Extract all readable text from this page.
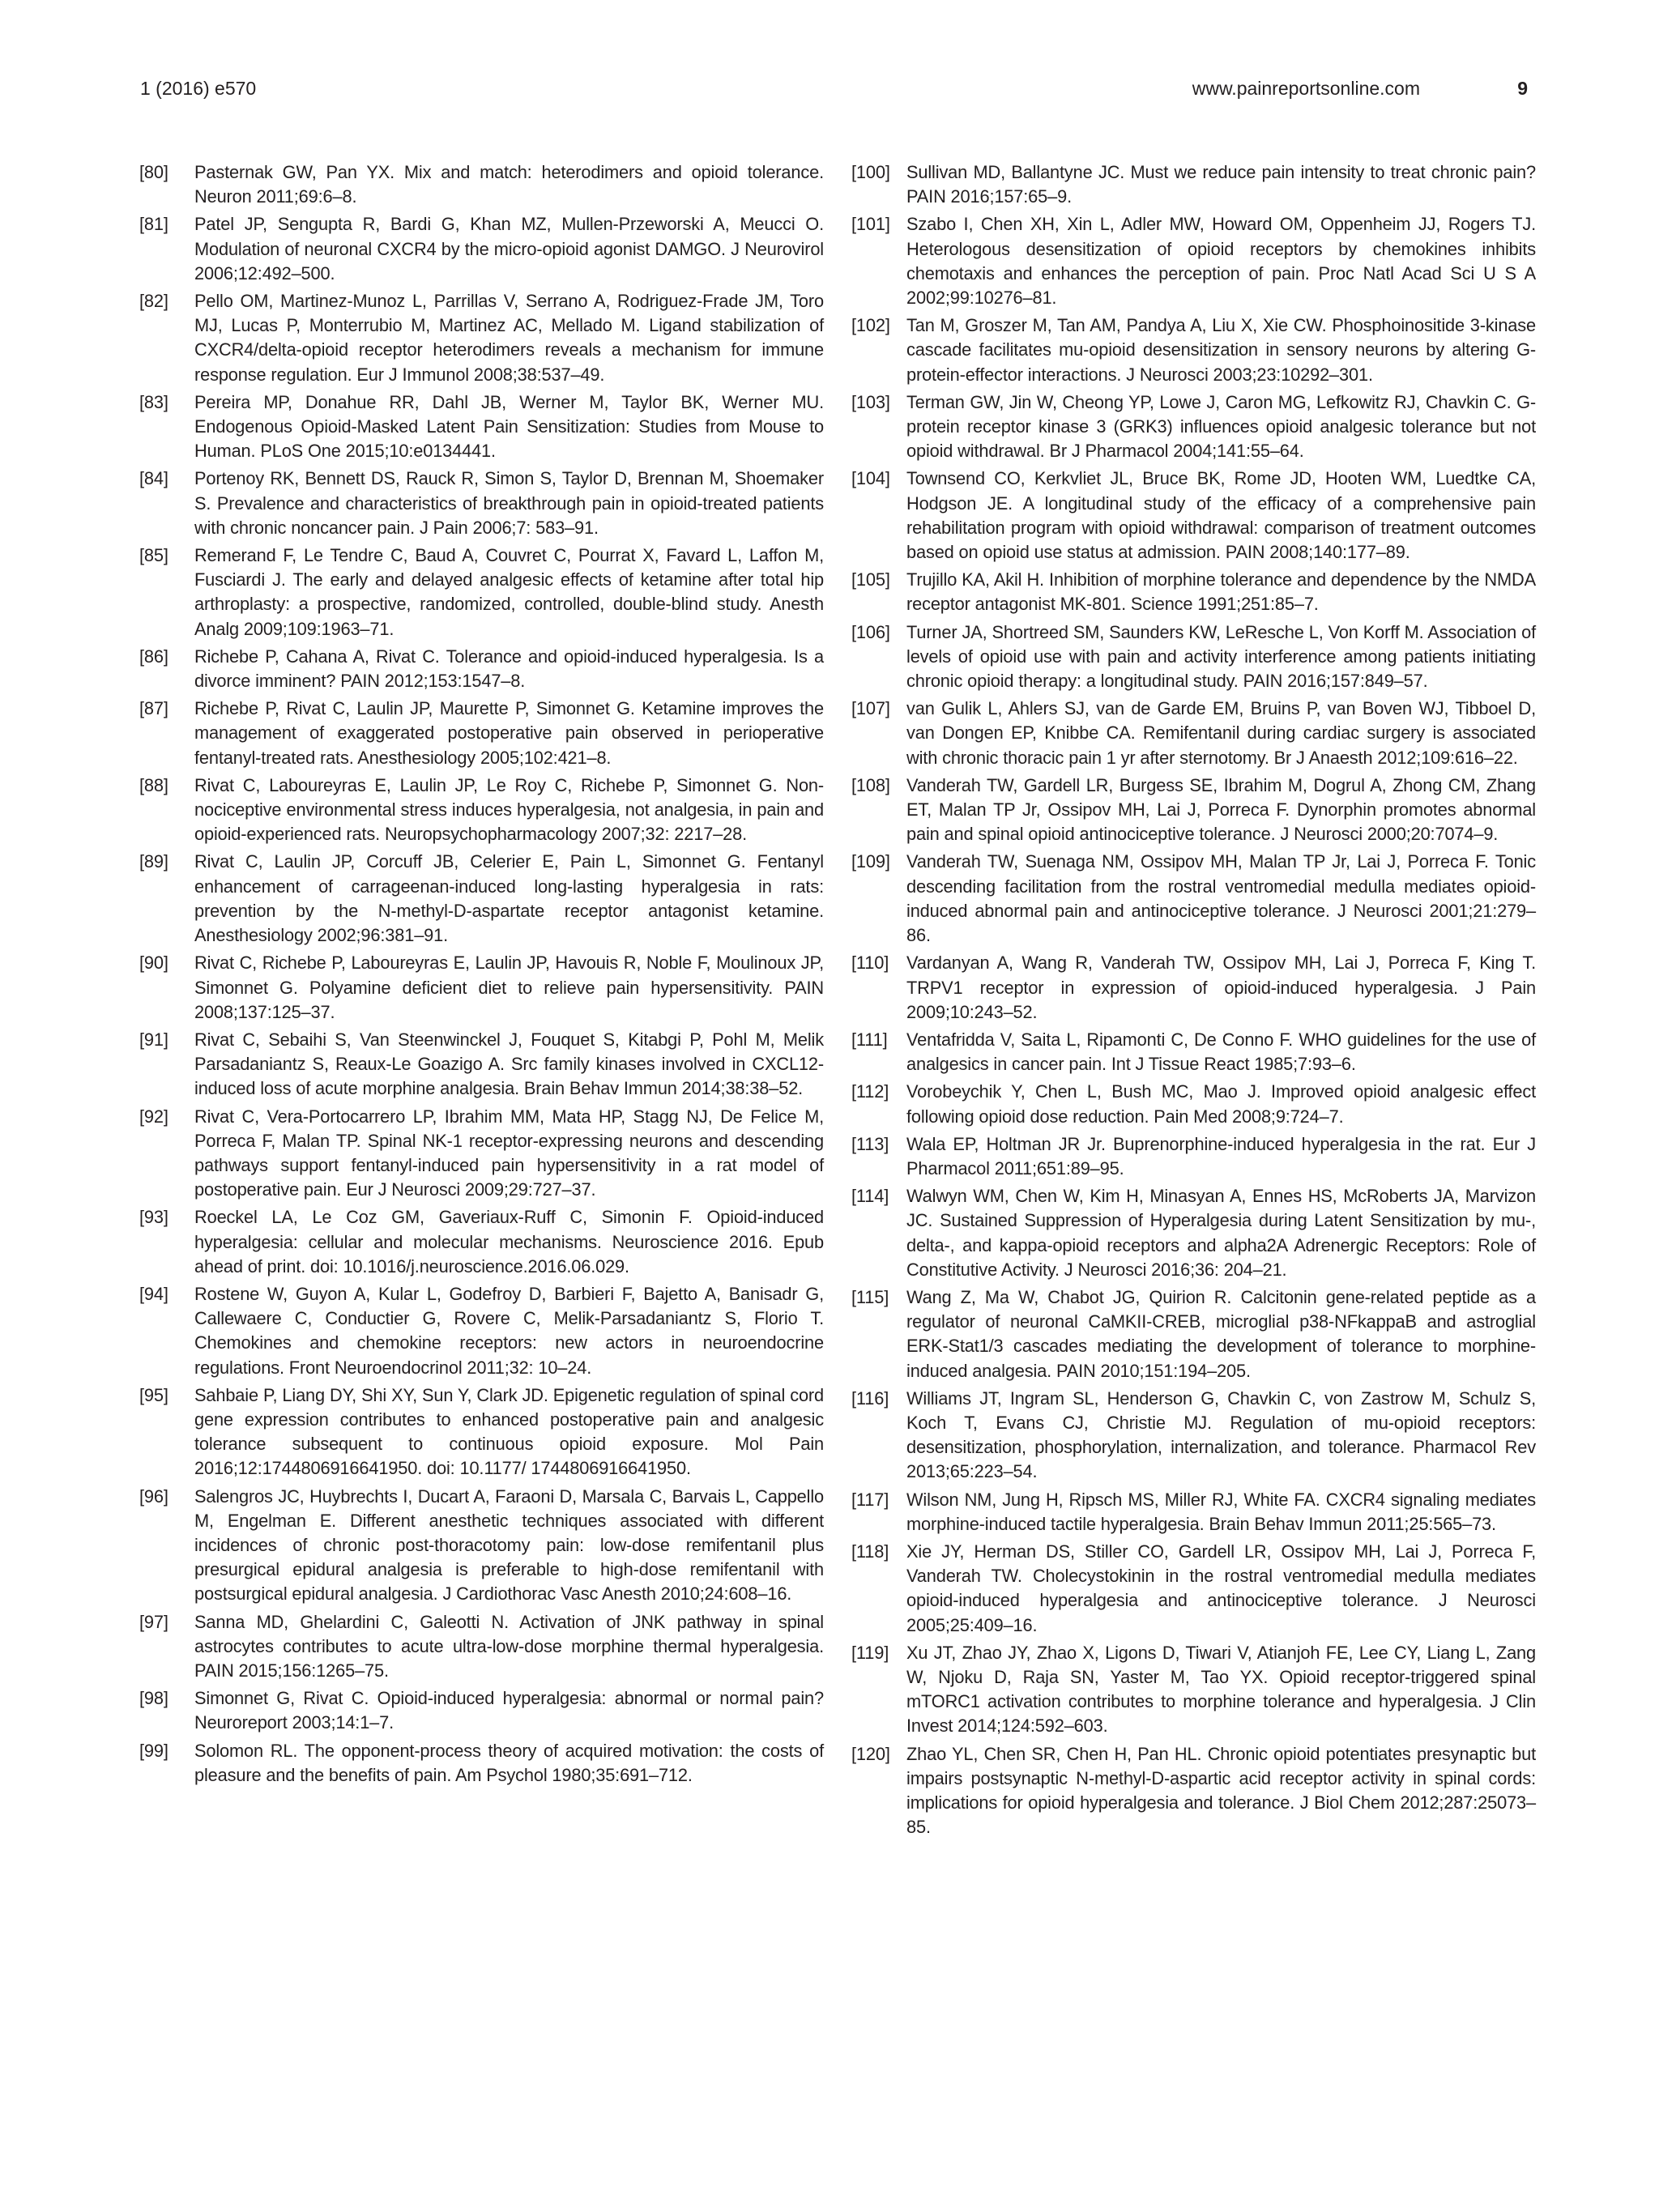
1 (2016) e570	www.painreportsonline.com	9
[80] Pasternak GW, Pan YX. Mix and match: heterodimers and opioid tolerance. Neuron 2011;69:6–8.
[81] Patel JP, Sengupta R, Bardi G, Khan MZ, Mullen-Przeworski A, Meucci O. Modulation of neuronal CXCR4 by the micro-opioid agonist DAMGO. J Neurovirol 2006;12:492–500.
[82] Pello OM, Martinez-Munoz L, Parrillas V, Serrano A, Rodriguez-Frade JM, Toro MJ, Lucas P, Monterrubio M, Martinez AC, Mellado M. Ligand stabilization of CXCR4/delta-opioid receptor heterodimers reveals a mechanism for immune response regulation. Eur J Immunol 2008;38:537–49.
[83] Pereira MP, Donahue RR, Dahl JB, Werner M, Taylor BK, Werner MU. Endogenous Opioid-Masked Latent Pain Sensitization: Studies from Mouse to Human. PLoS One 2015;10:e0134441.
[84] Portenoy RK, Bennett DS, Rauck R, Simon S, Taylor D, Brennan M, Shoemaker S. Prevalence and characteristics of breakthrough pain in opioid-treated patients with chronic noncancer pain. J Pain 2006;7: 583–91.
[85] Remerand F, Le Tendre C, Baud A, Couvret C, Pourrat X, Favard L, Laffon M, Fusciardi J. The early and delayed analgesic effects of ketamine after total hip arthroplasty: a prospective, randomized, controlled, double-blind study. Anesth Analg 2009;109:1963–71.
[86] Richebe P, Cahana A, Rivat C. Tolerance and opioid-induced hyperalgesia. Is a divorce imminent? PAIN 2012;153:1547–8.
[87] Richebe P, Rivat C, Laulin JP, Maurette P, Simonnet G. Ketamine improves the management of exaggerated postoperative pain observed in perioperative fentanyl-treated rats. Anesthesiology 2005;102:421–8.
[88] Rivat C, Laboureyras E, Laulin JP, Le Roy C, Richebe P, Simonnet G. Non-nociceptive environmental stress induces hyperalgesia, not analgesia, in pain and opioid-experienced rats. Neuropsychopharmacology 2007;32: 2217–28.
[89] Rivat C, Laulin JP, Corcuff JB, Celerier E, Pain L, Simonnet G. Fentanyl enhancement of carrageenan-induced long-lasting hyperalgesia in rats: prevention by the N-methyl-D-aspartate receptor antagonist ketamine. Anesthesiology 2002;96:381–91.
[90] Rivat C, Richebe P, Laboureyras E, Laulin JP, Havouis R, Noble F, Moulinoux JP, Simonnet G. Polyamine deficient diet to relieve pain hypersensitivity. PAIN 2008;137:125–37.
[91] Rivat C, Sebaihi S, Van Steenwinckel J, Fouquet S, Kitabgi P, Pohl M, Melik Parsadaniantz S, Reaux-Le Goazigo A. Src family kinases involved in CXCL12-induced loss of acute morphine analgesia. Brain Behav Immun 2014;38:38–52.
[92] Rivat C, Vera-Portocarrero LP, Ibrahim MM, Mata HP, Stagg NJ, De Felice M, Porreca F, Malan TP. Spinal NK-1 receptor-expressing neurons and descending pathways support fentanyl-induced pain hypersensitivity in a rat model of postoperative pain. Eur J Neurosci 2009;29:727–37.
[93] Roeckel LA, Le Coz GM, Gaveriaux-Ruff C, Simonin F. Opioid-induced hyperalgesia: cellular and molecular mechanisms. Neuroscience 2016. Epub ahead of print. doi: 10.1016/j.neuroscience.2016.06.029.
[94] Rostene W, Guyon A, Kular L, Godefroy D, Barbieri F, Bajetto A, Banisadr G, Callewaere C, Conductier G, Rovere C, Melik-Parsadaniantz S, Florio T. Chemokines and chemokine receptors: new actors in neuroendocrine regulations. Front Neuroendocrinol 2011;32: 10–24.
[95] Sahbaie P, Liang DY, Shi XY, Sun Y, Clark JD. Epigenetic regulation of spinal cord gene expression contributes to enhanced postoperative pain and analgesic tolerance subsequent to continuous opioid exposure. Mol Pain 2016;12:1744806916641950. doi: 10.1177/ 1744806916641950.
[96] Salengros JC, Huybrechts I, Ducart A, Faraoni D, Marsala C, Barvais L, Cappello M, Engelman E. Different anesthetic techniques associated with different incidences of chronic post-thoracotomy pain: low-dose remifentanil plus presurgical epidural analgesia is preferable to high-dose remifentanil with postsurgical epidural analgesia. J Cardiothorac Vasc Anesth 2010;24:608–16.
[97] Sanna MD, Ghelardini C, Galeotti N. Activation of JNK pathway in spinal astrocytes contributes to acute ultra-low-dose morphine thermal hyperalgesia. PAIN 2015;156:1265–75.
[98] Simonnet G, Rivat C. Opioid-induced hyperalgesia: abnormal or normal pain? Neuroreport 2003;14:1–7.
[99] Solomon RL. The opponent-process theory of acquired motivation: the costs of pleasure and the benefits of pain. Am Psychol 1980;35:691–712.
[100] Sullivan MD, Ballantyne JC. Must we reduce pain intensity to treat chronic pain? PAIN 2016;157:65–9.
[101] Szabo I, Chen XH, Xin L, Adler MW, Howard OM, Oppenheim JJ, Rogers TJ. Heterologous desensitization of opioid receptors by chemokines inhibits chemotaxis and enhances the perception of pain. Proc Natl Acad Sci U S A 2002;99:10276–81.
[102] Tan M, Groszer M, Tan AM, Pandya A, Liu X, Xie CW. Phosphoinositide 3-kinase cascade facilitates mu-opioid desensitization in sensory neurons by altering G-protein-effector interactions. J Neurosci 2003;23:10292–301.
[103] Terman GW, Jin W, Cheong YP, Lowe J, Caron MG, Lefkowitz RJ, Chavkin C. G-protein receptor kinase 3 (GRK3) influences opioid analgesic tolerance but not opioid withdrawal. Br J Pharmacol 2004;141:55–64.
[104] Townsend CO, Kerkvliet JL, Bruce BK, Rome JD, Hooten WM, Luedtke CA, Hodgson JE. A longitudinal study of the efficacy of a comprehensive pain rehabilitation program with opioid withdrawal: comparison of treatment outcomes based on opioid use status at admission. PAIN 2008;140:177–89.
[105] Trujillo KA, Akil H. Inhibition of morphine tolerance and dependence by the NMDA receptor antagonist MK-801. Science 1991;251:85–7.
[106] Turner JA, Shortreed SM, Saunders KW, LeResche L, Von Korff M. Association of levels of opioid use with pain and activity interference among patients initiating chronic opioid therapy: a longitudinal study. PAIN 2016;157:849–57.
[107] van Gulik L, Ahlers SJ, van de Garde EM, Bruins P, van Boven WJ, Tibboel D, van Dongen EP, Knibbe CA. Remifentanil during cardiac surgery is associated with chronic thoracic pain 1 yr after sternotomy. Br J Anaesth 2012;109:616–22.
[108] Vanderah TW, Gardell LR, Burgess SE, Ibrahim M, Dogrul A, Zhong CM, Zhang ET, Malan TP Jr, Ossipov MH, Lai J, Porreca F. Dynorphin promotes abnormal pain and spinal opioid antinociceptive tolerance. J Neurosci 2000;20:7074–9.
[109] Vanderah TW, Suenaga NM, Ossipov MH, Malan TP Jr, Lai J, Porreca F. Tonic descending facilitation from the rostral ventromedial medulla mediates opioid-induced abnormal pain and antinociceptive tolerance. J Neurosci 2001;21:279–86.
[110] Vardanyan A, Wang R, Vanderah TW, Ossipov MH, Lai J, Porreca F, King T. TRPV1 receptor in expression of opioid-induced hyperalgesia. J Pain 2009;10:243–52.
[111] Ventafridda V, Saita L, Ripamonti C, De Conno F. WHO guidelines for the use of analgesics in cancer pain. Int J Tissue React 1985;7:93–6.
[112] Vorobeychik Y, Chen L, Bush MC, Mao J. Improved opioid analgesic effect following opioid dose reduction. Pain Med 2008;9:724–7.
[113] Wala EP, Holtman JR Jr. Buprenorphine-induced hyperalgesia in the rat. Eur J Pharmacol 2011;651:89–95.
[114] Walwyn WM, Chen W, Kim H, Minasyan A, Ennes HS, McRoberts JA, Marvizon JC. Sustained Suppression of Hyperalgesia during Latent Sensitization by mu-, delta-, and kappa-opioid receptors and alpha2A Adrenergic Receptors: Role of Constitutive Activity. J Neurosci 2016;36: 204–21.
[115] Wang Z, Ma W, Chabot JG, Quirion R. Calcitonin gene-related peptide as a regulator of neuronal CaMKII-CREB, microglial p38-NFkappaB and astroglial ERK-Stat1/3 cascades mediating the development of tolerance to morphine-induced analgesia. PAIN 2010;151:194–205.
[116] Williams JT, Ingram SL, Henderson G, Chavkin C, von Zastrow M, Schulz S, Koch T, Evans CJ, Christie MJ. Regulation of mu-opioid receptors: desensitization, phosphorylation, internalization, and tolerance. Pharmacol Rev 2013;65:223–54.
[117] Wilson NM, Jung H, Ripsch MS, Miller RJ, White FA. CXCR4 signaling mediates morphine-induced tactile hyperalgesia. Brain Behav Immun 2011;25:565–73.
[118] Xie JY, Herman DS, Stiller CO, Gardell LR, Ossipov MH, Lai J, Porreca F, Vanderah TW. Cholecystokinin in the rostral ventromedial medulla mediates opioid-induced hyperalgesia and antinociceptive tolerance. J Neurosci 2005;25:409–16.
[119] Xu JT, Zhao JY, Zhao X, Ligons D, Tiwari V, Atianjoh FE, Lee CY, Liang L, Zang W, Njoku D, Raja SN, Yaster M, Tao YX. Opioid receptor-triggered spinal mTORC1 activation contributes to morphine tolerance and hyperalgesia. J Clin Invest 2014;124:592–603.
[120] Zhao YL, Chen SR, Chen H, Pan HL. Chronic opioid potentiates presynaptic but impairs postsynaptic N-methyl-D-aspartic acid receptor activity in spinal cords: implications for opioid hyperalgesia and tolerance. J Biol Chem 2012;287:25073–85.
